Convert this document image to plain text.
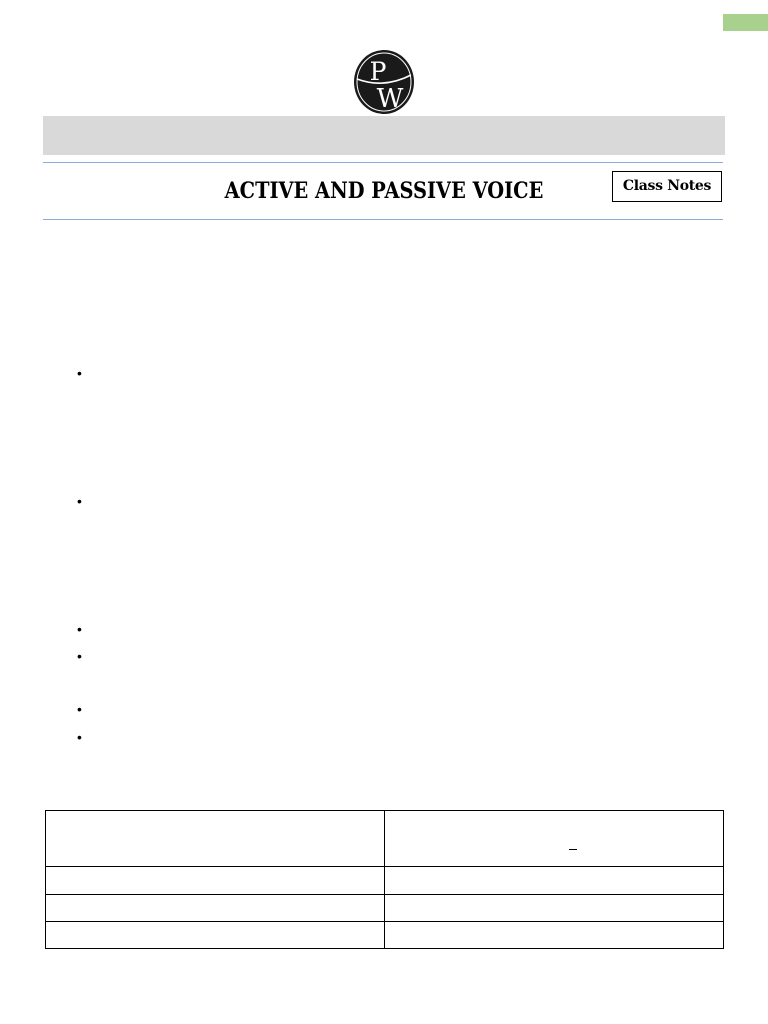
P
W
ACTIVE AND PASSIVE VOICE	Class Notes
•
•
•
•
•
•
